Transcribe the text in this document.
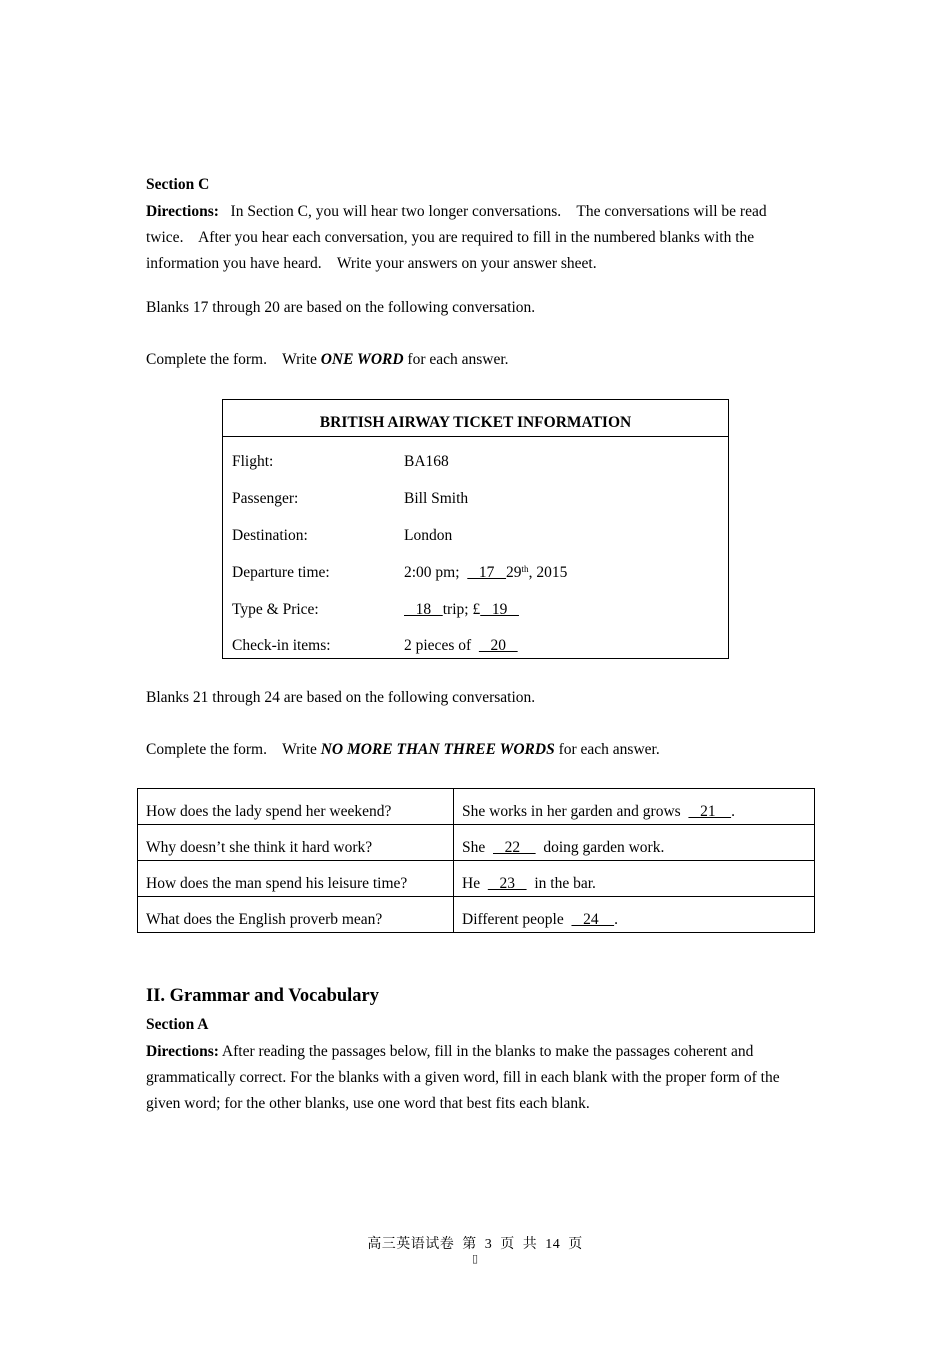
Section C

Directions:   In Section C, you will hear two longer conversations.    The conversations will be read twice.    After you hear each conversation, you are required to fill in the numbered blanks with the information you have heard.    Write your answers on your answer sheet.

Blanks 17 through 20 are based on the following conversation.

Complete the form.    Write ONE WORD for each answer.

BRITISH AIRWAY TICKET INFORMATION
Flight:	BA168
Passenger:	Bill Smith
Destination:	London
Departure time:	2:00 pm;     17   29th, 2015
Type & Price:	18   trip; £   19
Check-in items:	2 pieces of     20

Blanks 21 through 24 are based on the following conversation.

Complete the form.    Write NO MORE THAN THREE WORDS for each answer.

How does the lady spend her weekend?	She works in her garden and grows     21    .
Why doesn’t she think it hard work?	She     22      doing garden work.
How does the man spend his leisure time?	He     23     in the bar.
What does the English proverb mean?	Different people     24    .

II. Grammar and Vocabulary

Section A

Directions: After reading the passages below, fill in the blanks to make the passages coherent and grammatically correct. For the blanks with a given word, fill in each blank with the proper form of the given word; for the other blanks, use one word that best fits each blank.

高三英语试卷  第  3  页  共  14  页

▯
